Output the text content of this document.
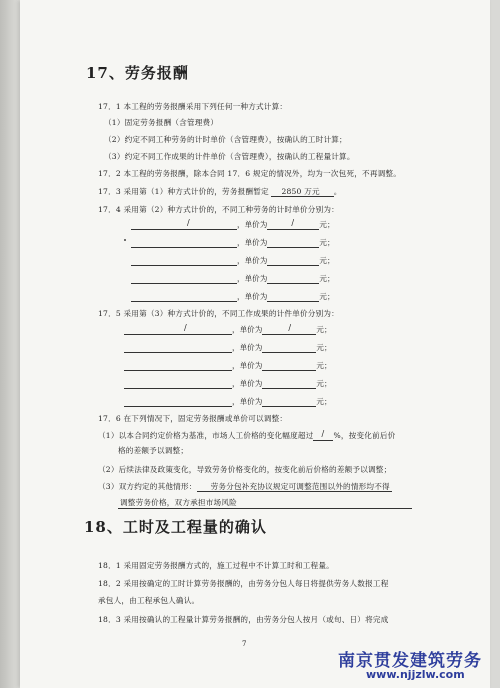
17、劳务报酬
17．1 本工程的劳务报酬采用下列任何一种方式计算：
（1）固定劳务报酬（含管理费）
（2）约定不同工种劳务的计时单价（含管理费），按确认的工时计算；
（3）约定不同工作成果的计件单价（含管理费），按确认的工程量计算。
17．2 本工程的劳务报酬，除本合同 17．6 规定的情况外，均为一次包死，不再调整。
17．3 采用第（1）种方式计价的，劳务报酬暂定 2850 万元 。
17．4 采用第（2）种方式计价的，不同工种劳务的计时单价分别为：
/	，单价为	/	元；
，单价为	元；
，单价为	元；
，单价为	元；
，单价为	元；
17．5 采用第（3）种方式计价的，不同工作成果的计件单价分别为：
/	，单价为	/	元；
，单价为	元；
，单价为	元；
，单价为	元；
，单价为	元；
17．6 在下列情况下，固定劳务报酬或单价可以调整：
（1）以本合同约定价格为基准，市场人工价格的变化幅度超过 / %，按变化前后价
格的差额予以调整；
（2）后续法律及政策变化，导致劳务价格变化的，按变化前后价格的差额予以调整；
（3）双方约定的其他情形： 劳务分包补充协议规定可调整范围以外的情形均不得
调整劳务价格，双方承担市场风险
18、工时及工程量的确认
18．1 采用固定劳务报酬方式的，施工过程中不计算工时和工程量。
18．2 采用按确定的工时计算劳务报酬的，由劳务分包人每日将提供劳务人数报工程
承包人，由工程承包人确认。
18．3 采用按确认的工程量计算劳务报酬的，由劳务分包人按月（或旬、日）将完成
7
南京贯发建筑劳务
www.njjzlw.com
